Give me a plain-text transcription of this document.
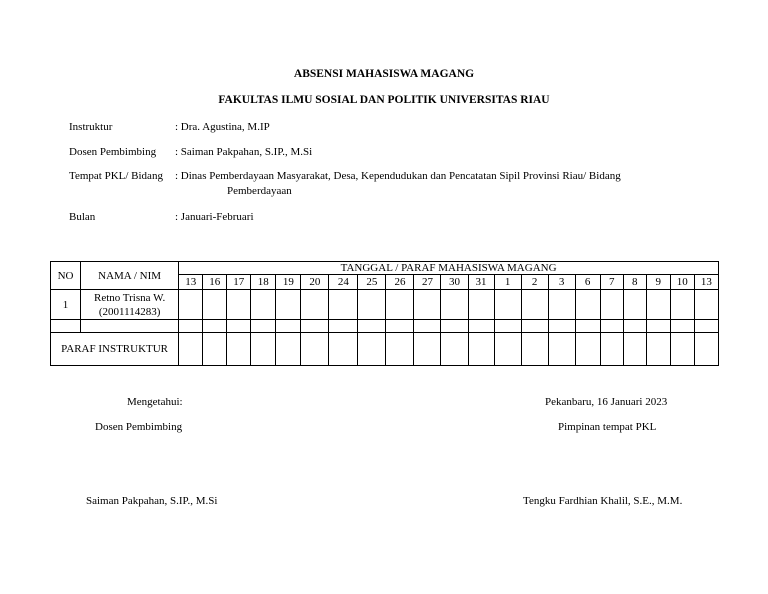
ABSENSI MAHASISWA MAGANG
FAKULTAS ILMU SOSIAL DAN POLITIK UNIVERSITAS RIAU
Instruktur	: Dra. Agustina, M.IP
Dosen Pembimbing	: Saiman Pakpahan, S.IP., M.Si
Tempat PKL/ Bidang	: Dinas Pemberdayaan Masyarakat, Desa, Kependudukan dan Pencatatan Sipil Provinsi Riau/ Bidang
Pemberdayaan
Bulan	: Januari-Februari
NO	NAMA / NIM	TANGGAL / PARAF MAHASISWA MAGANG																				
		13	16	17	18	19	20	24	25	26	27	30	31	1	2	3	6	7	8	9	10	13
1	Retno Trisna W.
(2001114283)																					

PARAF INSTRUKTUR																						
Mengetahui:
Dosen Pembimbing
Saiman Pakpahan, S.IP., M.Si
Pekanbaru, 16 Januari 2023
Pimpinan tempat PKL
Tengku Fardhian Khalil, S.E., M.M.
